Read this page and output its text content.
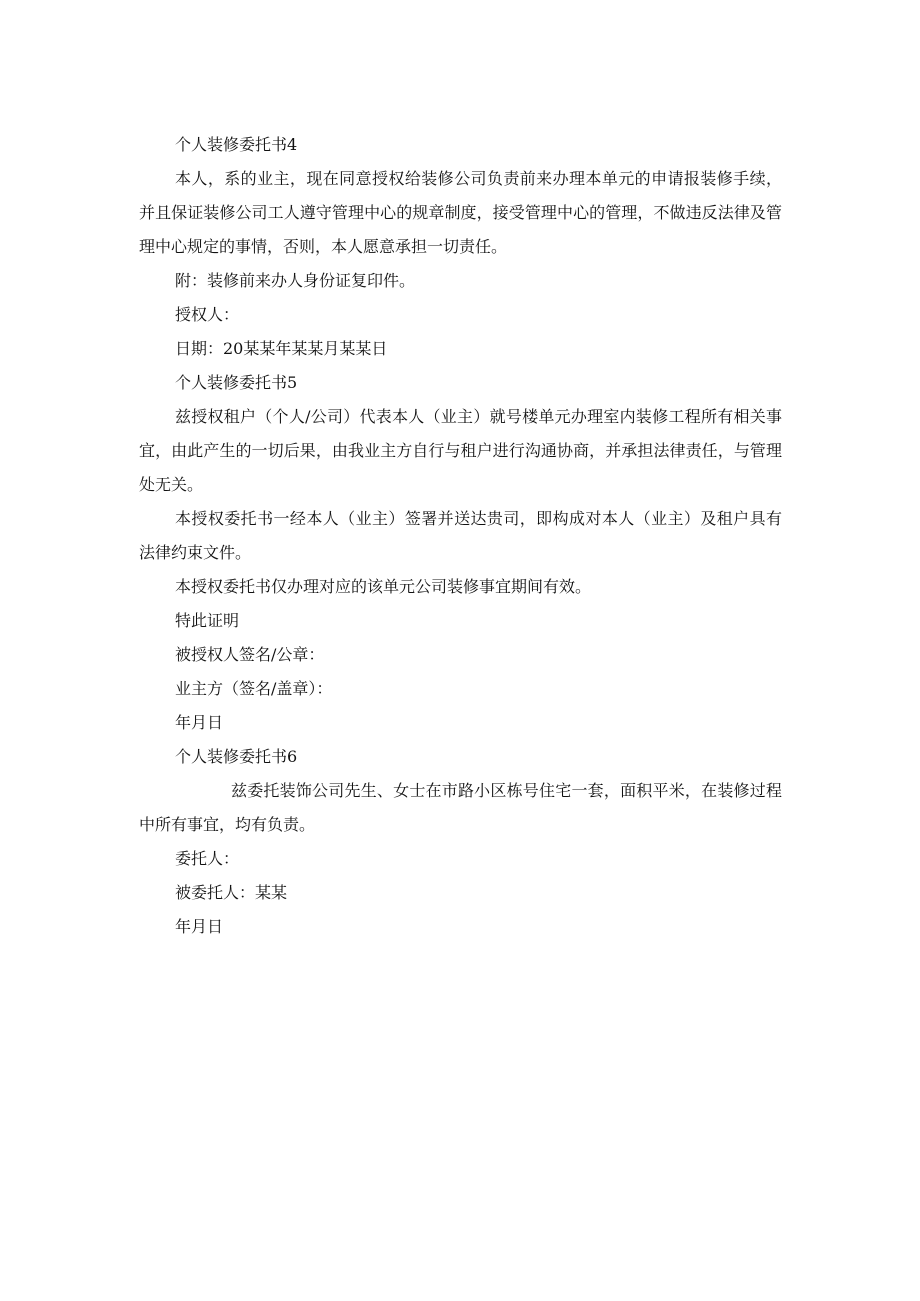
个人装修委托书4

本人，系的业主，现在同意授权给装修公司负责前来办理本单元的申请报装修手续，并且保证装修公司工人遵守管理中心的规章制度，接受管理中心的管理，不做违反法律及管理中心规定的事情，否则，本人愿意承担一切责任。

附：装修前来办人身份证复印件。

授权人：

日期：20某某年某某月某某日

个人装修委托书5

兹授权租户（个人/公司）代表本人（业主）就号楼单元办理室内装修工程所有相关事宜，由此产生的一切后果，由我业主方自行与租户进行沟通协商，并承担法律责任，与管理处无关。

本授权委托书一经本人（业主）签署并送达贵司，即构成对本人（业主）及租户具有法律约束文件。

本授权委托书仅办理对应的该单元公司装修事宜期间有效。

特此证明

被授权人签名/公章：

业主方（签名/盖章）：

年月日

个人装修委托书6

兹委托装饰公司先生、女士在市路小区栋号住宅一套，面积平米，在装修过程中所有事宜，均有负责。

委托人：

被委托人：某某

年月日
